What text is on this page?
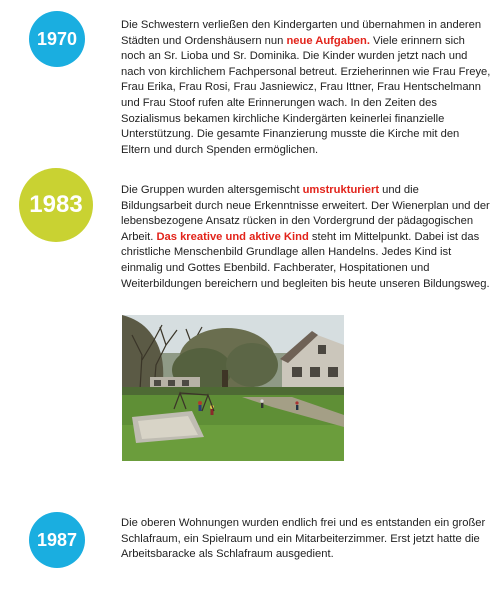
1970

Die Schwestern verließen den Kindergarten und übernahmen in anderen Städten und Ordenshäusern nun neue Aufgaben. Viele erinnern sich noch an Sr. Lioba und Sr. Dominika. Die Kinder wurden jetzt nach und nach von kirchlichem Fachpersonal betreut. Erzieherinnen wie Frau Freye, Frau Erika, Frau Rosi, Frau Jasniewicz, Frau Ittner, Frau Hentschelmann und Frau Stoof rufen alte Erinnerungen wach. In den Zeiten des Sozialismus bekamen kirchliche Kindergärten keinerlei finanzielle Unterstützung. Die gesamte Finanzierung musste die Kirche mit den Eltern und durch Spenden ermöglichen.

1983

Die Gruppen wurden altersgemischt umstrukturiert und die Bildungsarbeit durch neue Erkenntnisse erweitert. Der Wienerplan und der lebensbezogene Ansatz rücken in den Vordergrund der pädagogischen Arbeit. Das kreative und aktive Kind steht im Mittelpunkt. Dabei ist das christliche Menschenbild Grundlage allen Handelns. Jedes Kind ist einmalig und Gottes Ebenbild. Fachberater, Hospitationen und Weiterbildungen bereichern und begleiten bis heute unseren Bildungsweg.

1987

Die oberen Wohnungen wurden endlich frei und es entstanden ein großer Schlafraum, ein Spielraum und ein Mitarbeiterzimmer. Erst jetzt hatte die Arbeitsbaracke als Schlafraum ausgedient.
